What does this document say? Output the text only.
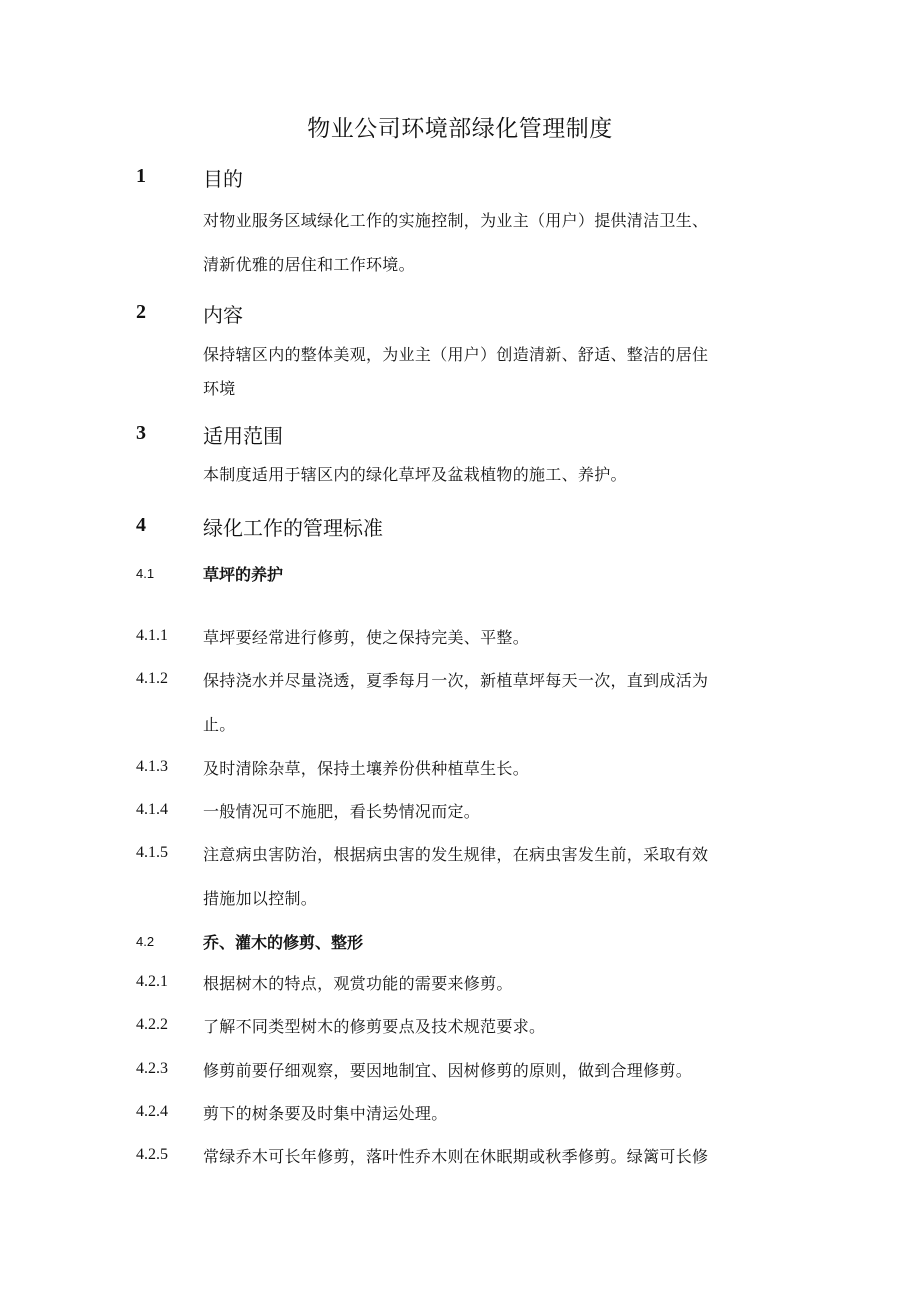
物业公司环境部绿化管理制度
1	目的
对物业服务区域绿化工作的实施控制，为业主（用户）提供清洁卫生、
清新优雅的居住和工作环境。
2	内容
保持辖区内的整体美观，为业主（用户）创造清新、舒适、整洁的居住
环境
3	适用范围
本制度适用于辖区内的绿化草坪及盆栽植物的施工、养护。
4	绿化工作的管理标准
4.1	草坪的养护
4.1.1 草坪要经常进行修剪，使之保持完美、平整。
4.1.2 保持浇水并尽量浇透，夏季每月一次，新植草坪每天一次，直到成活为
止。
4.1.3 及时清除杂草，保持土壤养份供种植草生长。
4.1.4 一般情况可不施肥，看长势情况而定。
4.1.5 注意病虫害防治，根据病虫害的发生规律，在病虫害发生前，采取有效
措施加以控制。
4.2	乔、灌木的修剪、整形
4.2.1 根据树木的特点，观赏功能的需要来修剪。
4.2.2 了解不同类型树木的修剪要点及技术规范要求。
4.2.3 修剪前要仔细观察，要因地制宜、因树修剪的原则，做到合理修剪。
4.2.4 剪下的树条要及时集中清运处理。
4.2.5 常绿乔木可长年修剪，落叶性乔木则在休眠期或秋季修剪。绿篱可长修
